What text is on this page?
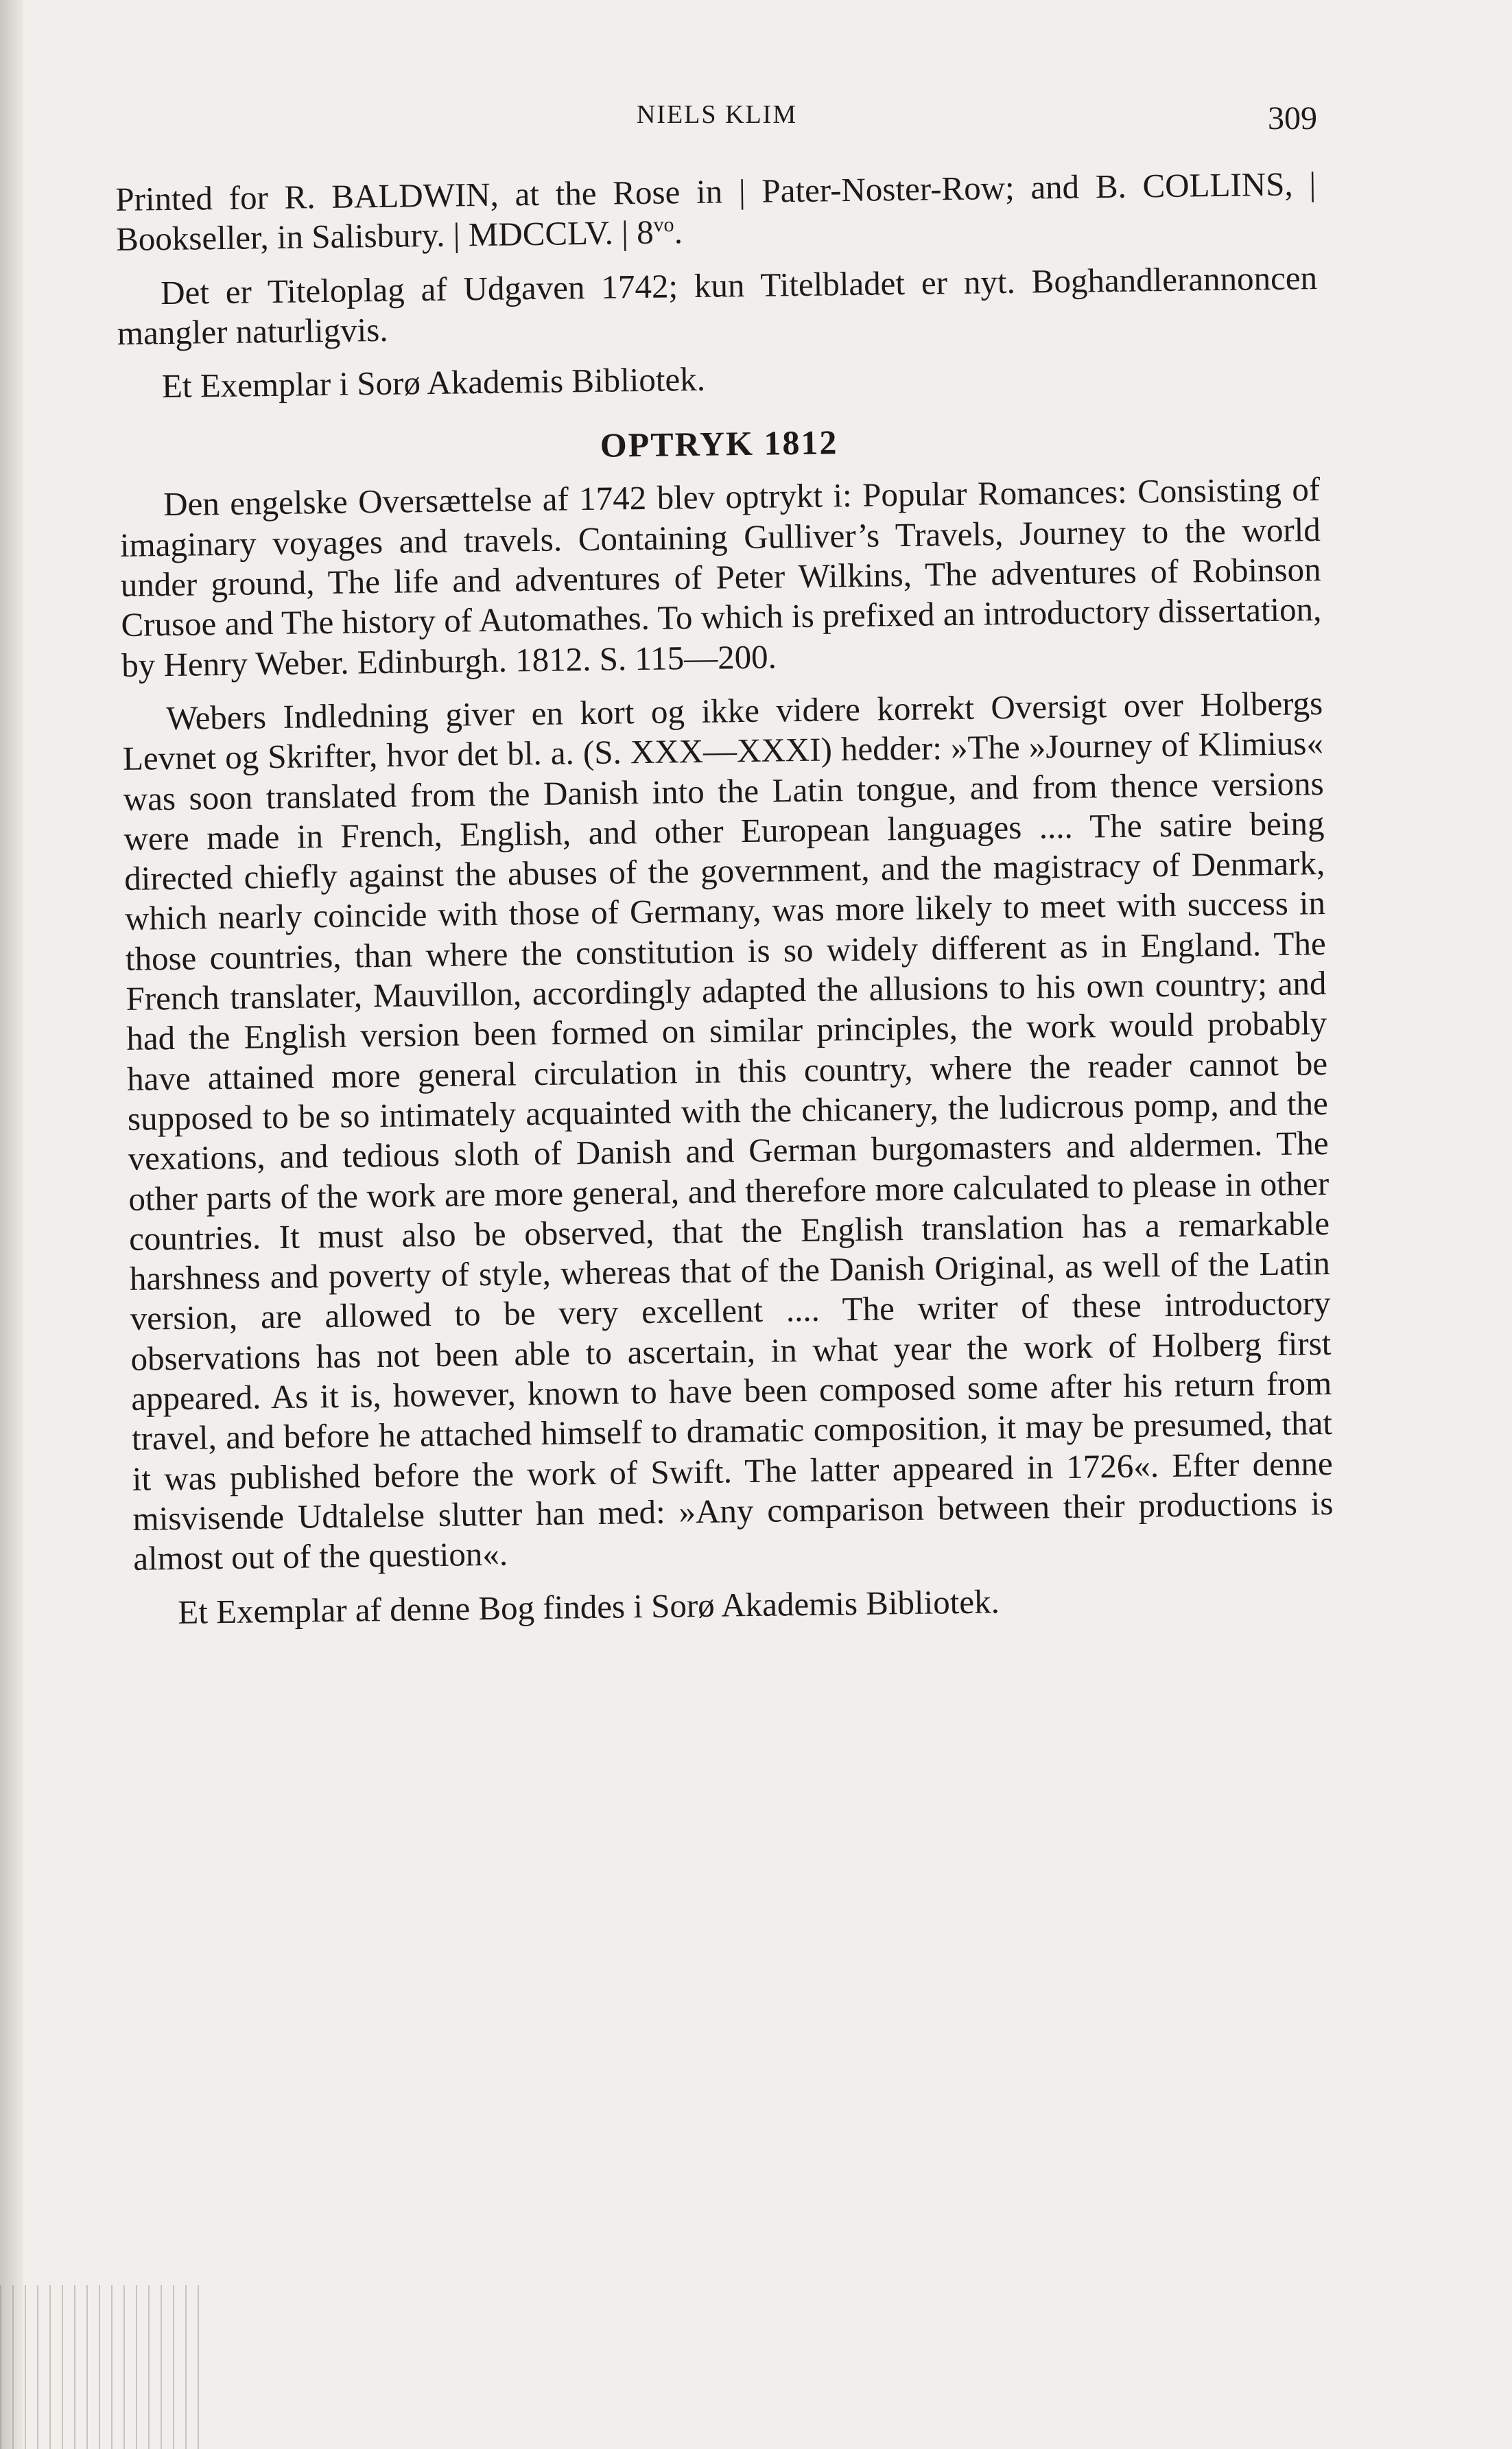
NIELS KLIM	309

Printed for R. BALDWIN, at the Rose in | Pater-Noster-Row; and B. COLLINS, | Bookseller, in Salisbury. | MDCCLV. | $8^{vo}$.

Det er Titeloplag af Udgaven 1742; kun Titelbladet er nyt. Boghandlerannoncen mangler naturligvis.

Et Exemplar i Sorø Akademis Bibliotek.

OPTRYK 1812

Den engelske Oversættelse af 1742 blev optrykt i: Popular Romances: Consisting of imaginary voyages and travels. Containing Gulliver’s Travels, Journey to the world under ground, The life and adventures of Peter Wilkins, The adventures of Robinson Crusoe and The history of Automathes. To which is prefixed an introductory dissertation, by Henry Weber. Edinburgh. 1812. S. 115—200.

Webers Indledning giver en kort og ikke videre korrekt Oversigt over Holbergs Levnet og Skrifter, hvor det bl. a. (S. XXX—XXXI) hedder: »The »Journey of Klimius« was soon translated from the Danish into the Latin tongue, and from thence versions were made in French, English, and other European languages .... The satire being directed chiefly against the abuses of the government, and the magistracy of Denmark, which nearly coincide with those of Germany, was more likely to meet with success in those countries, than where the constitution is so widely different as in England. The French translater, Mauvillon, accordingly adapted the allusions to his own country; and had the English version been formed on similar principles, the work would probably have attained more general circulation in this country, where the reader cannot be supposed to be so intimately acquainted with the chicanery, the ludicrous pomp, and the vexations, and tedious sloth of Danish and German burgomasters and aldermen. The other parts of the work are more general, and therefore more calculated to please in other countries. It must also be observed, that the English translation has a remarkable harshness and poverty of style, whereas that of the Danish Original, as well of the Latin version, are allowed to be very excellent .... The writer of these introductory observations has not been able to ascertain, in what year the work of Holberg first appeared. As it is, however, known to have been composed some after his return from travel, and before he attached himself to dramatic composition, it may be presumed, that it was published before the work of Swift. The latter appeared in 1726«. Efter denne misvisende Udtalelse slutter han med: »Any comparison between their productions is almost out of the question«.

Et Exemplar af denne Bog findes i Sorø Akademis Bibliotek.
